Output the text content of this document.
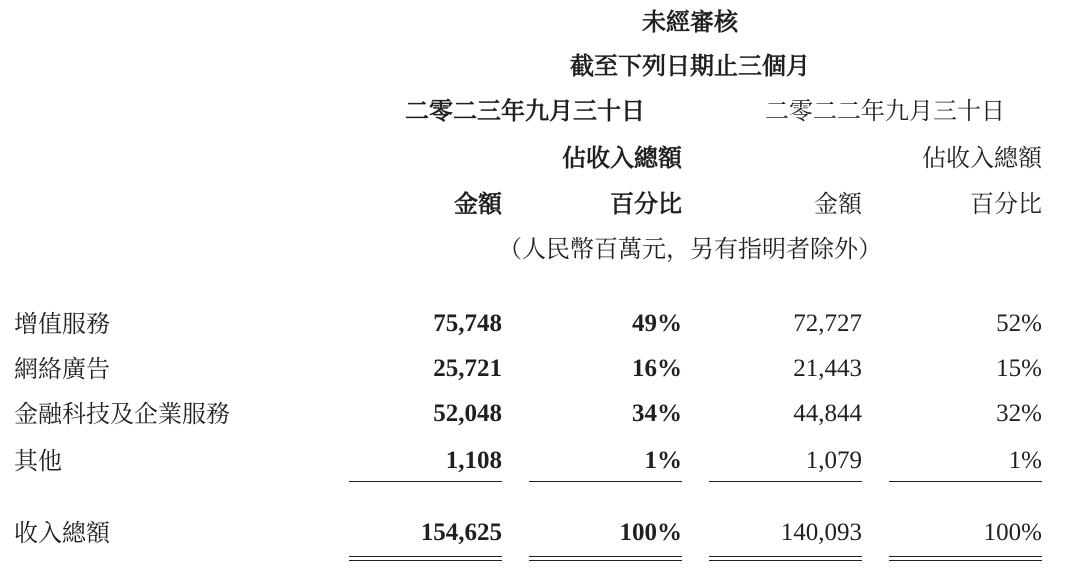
未經審核
截至下列日期止三個月
二零二三年九月三十日	二零二二年九月三十日
佔收入總額	佔收入總額
金額	百分比	金額	百分比
（人民幣百萬元，另有指明者除外）
增值服務	75,748	49%	72,727	52%
網絡廣告	25,721	16%	21,443	15%
金融科技及企業服務	52,048	34%	44,844	32%
其他	1,108	1%	1,079	1%
收入總額	154,625	100%	140,093	100%
